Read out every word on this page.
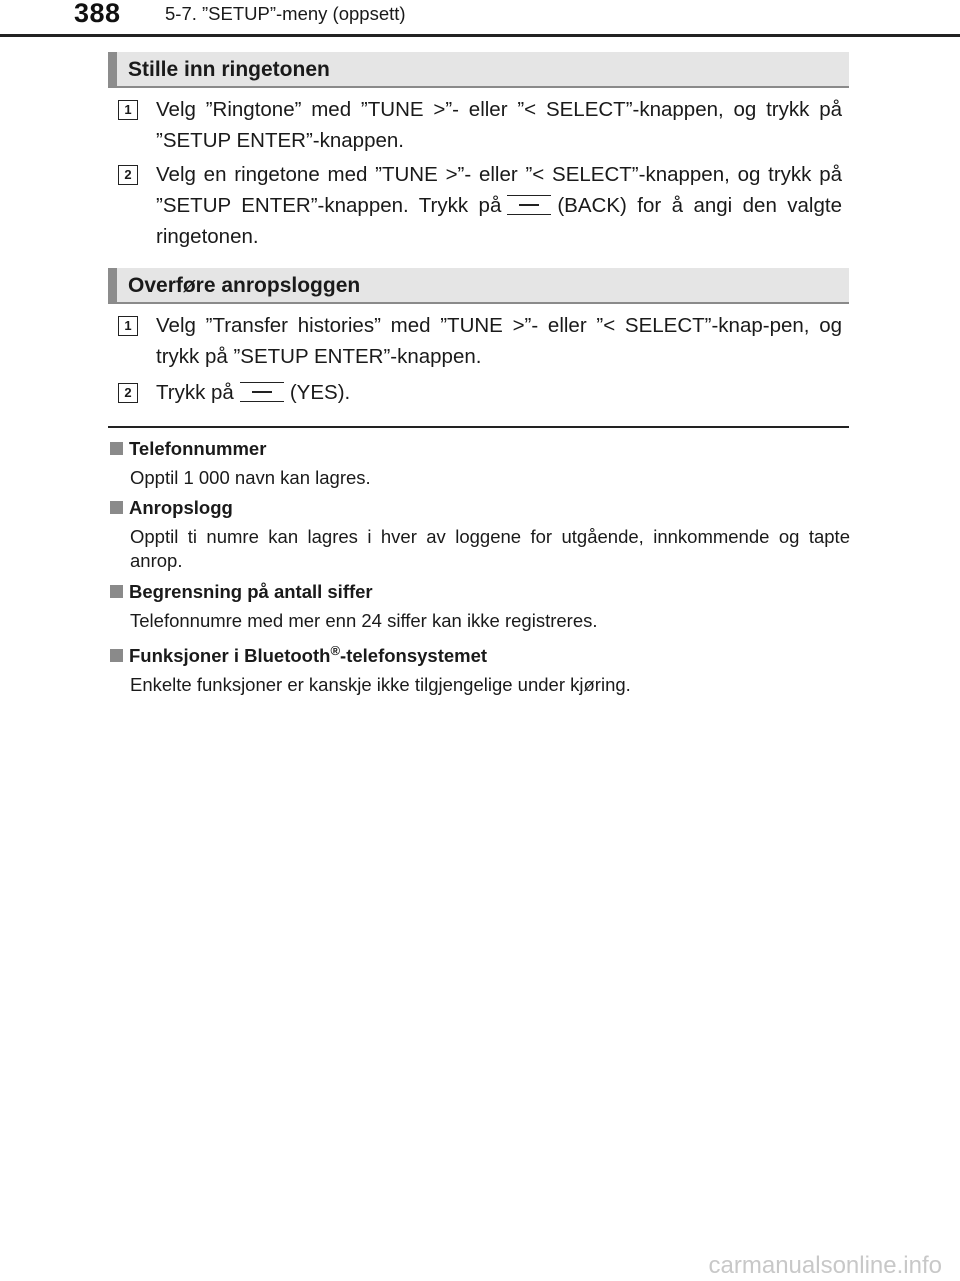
388 5-7. ”SETUP”-meny (oppsett)
Stille inn ringetonen
1	Velg ”Ringtone” med ”TUNE >”- eller ”< SELECT”-knappen, og trykk på ”SETUP ENTER”-knappen.
2	Velg en ringetone med ”TUNE >”- eller ”< SELECT”-knappen, og trykk på ”SETUP ENTER”-knappen. Trykk på	(BACK) for å angi den valgte ringetonen.
Overføre anropsloggen
1	Velg ”Transfer histories” med ”TUNE >”- eller ”< SELECT”-knap-pen, og trykk på ”SETUP ENTER”-knappen.
2	Trykk på	(YES).
Telefonnummer
Opptil 1 000 navn kan lagres.
Anropslogg
Opptil ti numre kan lagres i hver av loggene for utgående, innkommende og tapte anrop.
Begrensning på antall siffer
Telefonnumre med mer enn 24 siffer kan ikke registreres.
Funksjoner i Bluetooth®-telefonsystemet
Enkelte funksjoner er kanskje ikke tilgjengelige under kjøring.
carmanualsonline.info
